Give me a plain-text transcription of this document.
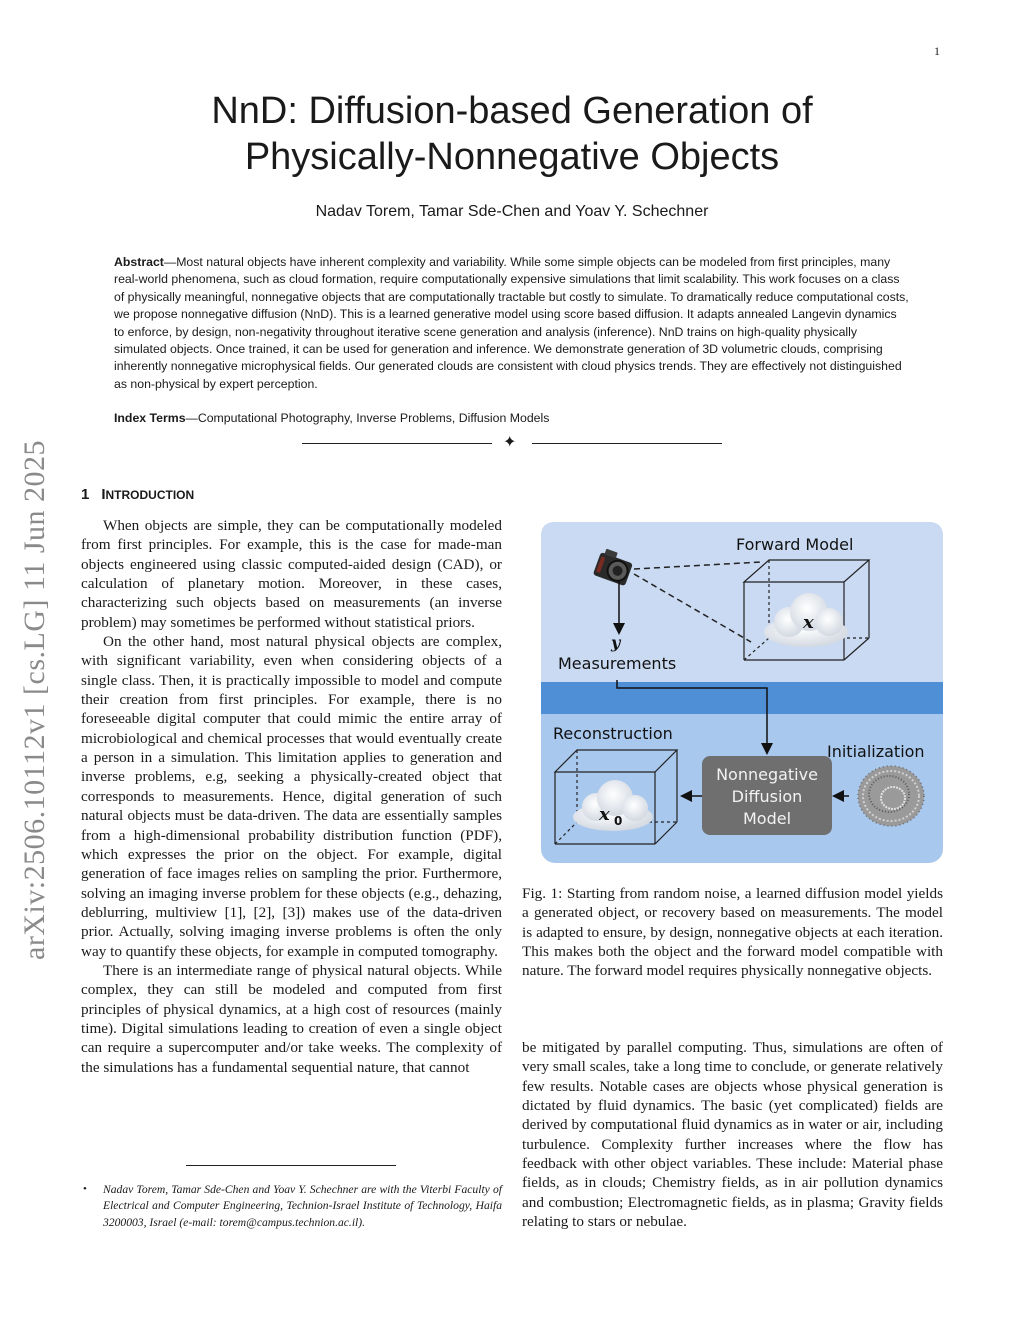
1
NnD: Diffusion-based Generation of
Physically-Nonnegative Objects
Nadav Torem, Tamar Sde-Chen and Yoav Y. Schechner

Abstract—Most natural objects have inherent complexity and variability. While some simple objects can be modeled from first principles, many real-world phenomena, such as cloud formation, require computationally expensive simulations that limit scalability. This work focuses on a class of physically meaningful, nonnegative objects that are computationally tractable but costly to simulate. To dramatically reduce computational costs, we propose nonnegative diffusion (NnD). This is a learned generative model using score based diffusion. It adapts annealed Langevin dynamics to enforce, by design, non-negativity throughout iterative scene generation and analysis (inference). NnD trains on high-quality physically simulated objects. Once trained, it can be used for generation and inference. We demonstrate generation of 3D volumetric clouds, comprising inherently nonnegative microphysical fields. Our generated clouds are consistent with cloud physics trends. They are effectively not distinguished as non-physical by expert perception.

Index Terms—Computational Photography, Inverse Problems, Diffusion Models

✦
arXiv:2506.10112v1 [cs.LG] 11 Jun 2025 1 INTRODUCTION

When objects are simple, they can be computationally modeled from first principles. For example, this is the case for made-man objects engineered using classic computed-aided design (CAD), or calculation of planetary motion. Moreover, in these cases, characterizing such objects based on measurements (an inverse problem) may sometimes be performed without statistical priors.

On the other hand, most natural physical objects are complex, with significant variability, even when considering objects of a single class. Then, it is practically impossible to model and compute their creation from first principles. For example, there is no foreseeable digital computer that could mimic the entire array of microbiological and chemical processes that would eventually create a person in a simulation. This limitation applies to generation and inverse problems, e.g, seeking a physically-created object that corresponds to measurements. Hence, digital generation of such natural objects must be data-driven. The data are essentially samples from a high-dimensional probability distribution function (PDF), which expresses the prior on the object. For example, digital generation of face images relies on sampling the prior. Furthermore, solving an imaging inverse problem for these objects (e.g., dehazing, deblurring, multiview [1], [2], [3]) makes use of the data-driven prior. Actually, solving imaging inverse problems is often the only way to quantify these objects, for example in computed tomography.

There is an intermediate range of physical natural objects. While complex, they can still be modeled and computed from first principles of physical dynamics, at a high cost of resources (mainly time). Digital simulations leading to creation of even a single object can require a supercomputer and/or take weeks. The complexity of the simulations has a fundamental sequential nature, that cannot

•	Nadav Torem, Tamar Sde-Chen and Yoav Y. Schechner are with the Viterbi Faculty of Electrical and Computer Engineering, Technion-Israel Institute of Technology, Haifa 3200003, Israel (e-mail: torem@campus.technion.ac.il).

x
Forward Model
y
Measurements
Reconstruction
x 0
Nonnegative
Diffusion
Model
Initialization

Fig. 1: Starting from random noise, a learned diffusion model yields a generated object, or recovery based on measurements. The model is adapted to ensure, by design, nonnegative objects at each iteration. This makes both the object and the forward model compatible with nature. The forward model requires physically nonnegative objects.

be mitigated by parallel computing. Thus, simulations are often of very small scales, take a long time to conclude, or generate relatively few results. Notable cases are objects whose physical generation is dictated by fluid dynamics. The basic (yet complicated) fields are derived by computational fluid dynamics as in water or air, including turbulence. Complexity further increases where the flow has feedback with other object variables. These include: Material phase fields, as in clouds; Chemistry fields, as in air pollution dynamics and combustion; Electromagnetic fields, as in plasma; Gravity fields relating to stars or nebulae.
